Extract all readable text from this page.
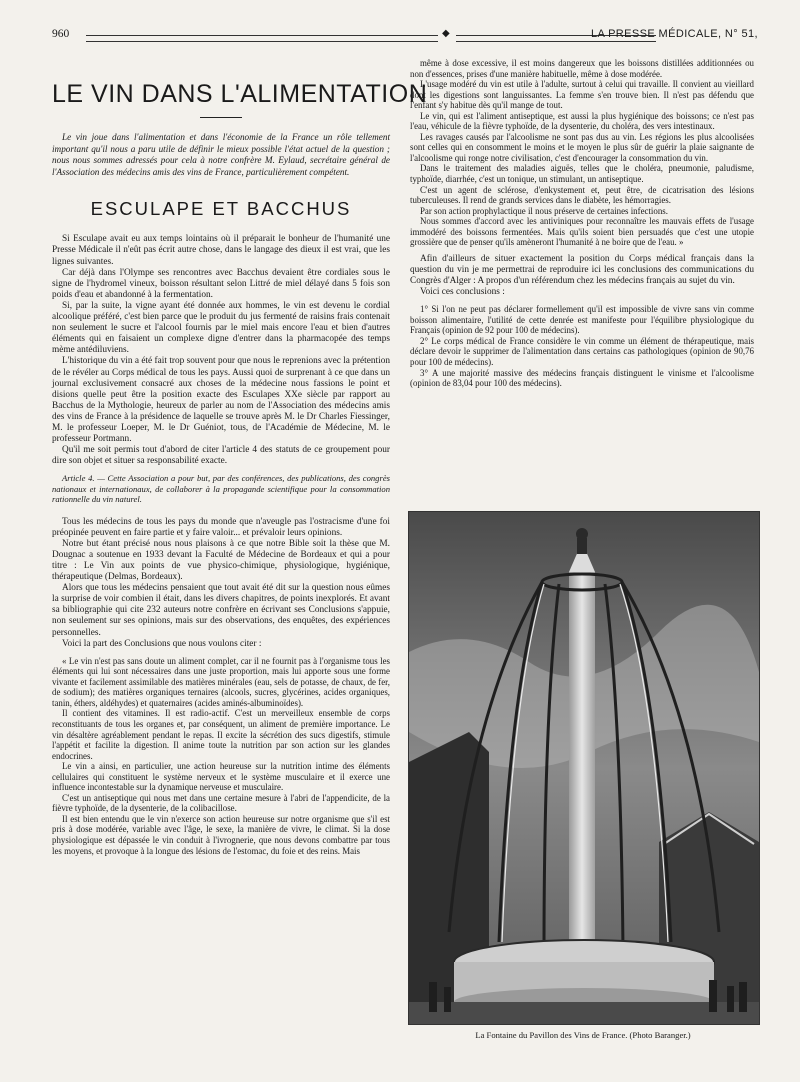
960	◆	LA PRESSE MÉDICALE, N° 51,
LE VIN DANS L'ALIMENTATION

Le vin joue dans l'alimentation et dans l'économie de la France un rôle tellement important qu'il nous a paru utile de définir le mieux possible l'état actuel de la question ; nous nous sommes adressés pour cela à notre confrère M. Eylaud, secrétaire général de l'Association des médecins amis des vins de France, particulièrement compétent.

ESCULAPE ET BACCHUS

Si Esculape avait eu aux temps lointains où il préparait le bonheur de l'humanité une Presse Médicale il n'eût pas écrit autre chose, dans le langage des dieux il est vrai, que les lignes suivantes.

Car déjà dans l'Olympe ses rencontres avec Bacchus devaient être cordiales sous le signe de l'hydromel vineux, boisson résultant selon Littré de miel délayé dans 5 fois son poids d'eau et abandonné à la fermentation.

Si, par la suite, la vigne ayant été donnée aux hommes, le vin est devenu le cordial alcoolique préféré, c'est bien parce que le produit du jus fermenté de raisins frais contenait non seulement le sucre et l'alcool fournis par le miel mais encore l'eau et bien d'autres éléments qui en faisaient un complexe digne d'entrer dans la pharmacopée des temps mème antédiluviens.

L'historique du vin a été fait trop souvent pour que nous le reprenions avec la prétention de le révéler au Corps médical de tous les pays. Aussi quoi de surprenant à ce que dans un journal exclusivement consacré aux choses de la médecine nous fassions le point et disions quelle peut être la position exacte des Esculapes XXe siècle par rapport au Bacchus de la Mythologie, heureux de parler au nom de l'Association des médecins amis des vins de France à la présidence de laquelle se trouve après M. le Dr Charles Fiessinger, M. le professeur Loeper, M. le Dr Guéniot, tous, de l'Académie de Médecine, M. le professeur Portmann.

Qu'il me soit permis tout d'abord de citer l'article 4 des statuts de ce groupement pour dire son objet et situer sa responsabilité exacte.

Article 4. — Cette Association a pour but, par des conférences, des publications, des congrès nationaux et internationaux, de collaborer à la propagande scientifique pour la consommation rationnelle du vin naturel.

Tous les médecins de tous les pays du monde que n'aveugle pas l'ostracisme d'une foi préopinée peuvent en faire partie et y faire valoir... et prévaloir leurs opinions.

Notre but étant précisé nous nous plaisons à ce que notre Bible soit la thèse que M. Dougnac a soutenue en 1933 devant la Faculté de Médecine de Bordeaux et qui a pour titre : Le Vin aux points de vue physico-chimique, physiologique, hygiénique, thérapeutique (Delmas, Bordeaux).

Alors que tous les médecins pensaient que tout avait été dit sur la question nous eûmes la surprise de voir combien il était, dans les divers chapitres, de points inexplorés. Et avant sa bibliographie qui cite 232 auteurs notre confrère en écrivant ses Conclusions s'appuie, non seulement sur ses opinions, mais sur des observations, des enquêtes, des expériences personnelles.

Voici la part des Conclusions que nous voulons citer :

« Le vin n'est pas sans doute un aliment complet, car il ne fournit pas à l'organisme tous les éléments qui lui sont nécessaires dans une juste proportion, mais lui apporte sous une forme vivante et facilement assimilable des matières minérales (eau, sels de potasse, de chaux, de fer, de sodium); des matières organiques ternaires (alcools, sucres, glycérines, acides organiques, tanin, éthers, aldéhydes) et quaternaires (acides aminés-albuminoïdes).

Il contient des vitamines. Il est radio-actif. C'est un merveilleux ensemble de corps reconstituants de tous les organes et, par conséquent, un aliment de première importance. Le vin désaltère agréablement pendant le repas. Il excite la sécrétion des sucs digestifs, stimule l'appétit et facilite la digestion. Il anime toute la nutrition par son action sur les glandes endocrines.

Le vin a ainsi, en particulier, une action heureuse sur la nutrition intime des éléments cellulaires qui constituent le système nerveux et le système musculaire et il exerce une influence incontestable sur la dynamique nerveuse et musculaire.

C'est un antiseptique qui nous met dans une certaine mesure à l'abri de l'appendicite, de la fièvre typhoïde, de la dysenterie, de la colibacillose.

Il est bien entendu que le vin n'exerce son action heureuse sur notre organisme que s'il est pris à dose modérée, variable avec l'âge, le sexe, la manière de vivre, le climat. Si la dose physiologique est dépassée le vin conduit à l'ivrognerie, que nous devons combattre par tous les moyens, et provoque à la longue des lésions de l'estomac, du foie et des reins. Mais

même à dose excessive, il est moins dangereux que les boissons distillées additionnées ou non d'essences, prises d'une manière habituelle, même à dose modérée.

L'usage modéré du vin est utile à l'adulte, surtout à celui qui travaille. Il convient au vieillard dont les digestions sont languissantes. La femme s'en trouve bien. Il n'est pas défendu que l'enfant s'y habitue dès qu'il mange de tout.

Le vin, qui est l'aliment antiseptique, est aussi la plus hygiénique des boissons; ce n'est pas l'eau, véhicule de la fièvre typhoïde, de la dysenterie, du choléra, des vers intestinaux.

Les ravages causés par l'alcoolisme ne sont pas dus au vin. Les régions les plus alcoolisées sont celles qui en consomment le moins et le moyen le plus sûr de guérir la plaie saignante de l'alcoolisme qui ronge notre civilisation, c'est d'encourager la consommation du vin.

Dans le traitement des maladies aiguës, telles que le choléra, pneumonie, paludisme, typhoïde, diarrhée, c'est un tonique, un stimulant, un antiseptique.

C'est un agent de sclérose, d'enkystement et, peut être, de cicatrisation des lésions tuberculeuses. Il rend de grands services dans le diabète, les hémorragies.

Par son action prophylactique il nous préserve de certaines infections.

Nous sommes d'accord avec les antiviniques pour reconnaître les mauvais effets de l'usage immodéré des boissons fermentées. Mais qu'ils soient bien persuadés que c'est une utopie grossière que de penser qu'ils amèneront l'humanité à ne boire que de l'eau. »

Afin d'ailleurs de situer exactement la position du Corps médical français dans la question du vin je me permettrai de reproduire ici les conclusions des communications du Congrès d'Alger : A propos d'un référendum chez les médecins français au sujet du vin.

Voici ces conclusions :

1° Si l'on ne peut pas déclarer formellement qu'il est impossible de vivre sans vin comme boisson alimentaire, l'utilité de cette denrée est manifeste pour l'équilibre physiologique du Français (opinion de 92 pour 100 de médecins).

2° Le corps médical de France considère le vin comme un élément de thérapeutique, mais déclare devoir le supprimer de l'alimentation dans certains cas pathologiques (opinion de 90,76 pour 100 de médecins).

3° A une majorité massive des médecins français distinguent le vinisme et l'alcoolisme (opinion de 83,04 pour 100 des médecins).

La Fontaine du Pavillon des Vins de France. (Photo Baranger.)
